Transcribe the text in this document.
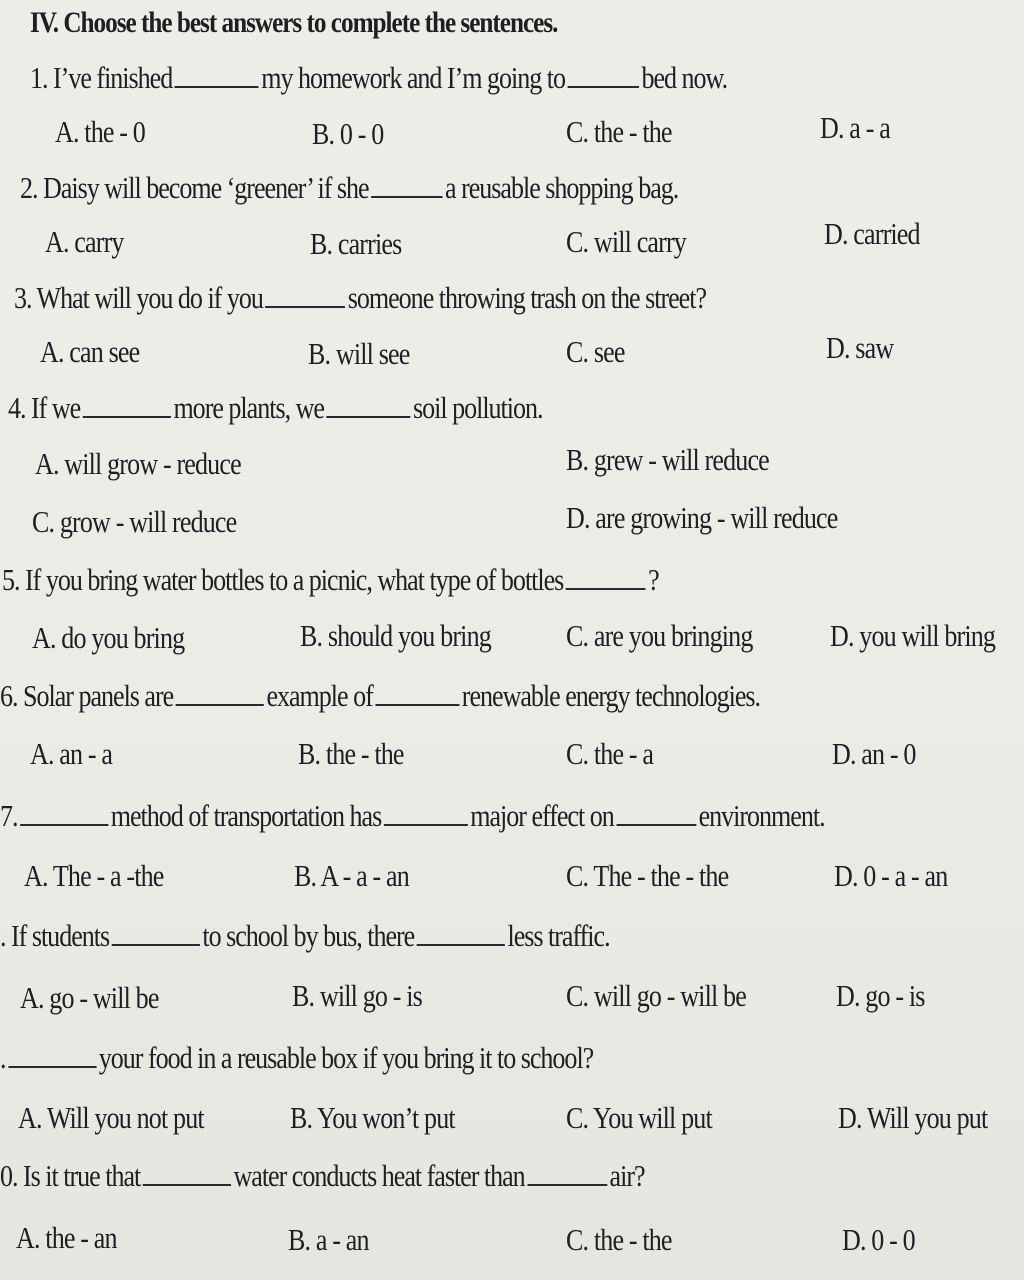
IV. Choose the best answers to complete the sentences.
1. I’ve finished	my homework and I’m going to bed now.
A. the - 0	B. 0 - 0	C. the - the	D. a - a
2. Daisy will become ‘greener’ if she a reusable shopping bag.
A. carry	B. carries	C. will carry	D. carried
3. What will you do if you	someone throwing trash on the street?
A. can see	B. will see	C. see	D. saw
4. If we	more plants, we	soil pollution.
A. will grow - reduce	B. grew - will reduce
C. grow - will reduce	D. are growing - will reduce
5. If you bring water bottles to a picnic, what type of bottles	?
A. do you bring	B. should you bring C. are you bringing D. you will bring
6. Solar panels are	example of	renewable energy technologies.
A. an - a	B. the - the	C. the - a	D. an - 0
7.	method of transportation has	major effect on	environment.
A. The - a -the	B. A - a - an	C. The - the - the	D. 0 - a - an
. If students	to school by bus, there	less traffic.
A. go - will be	B. will go - is	C. will go - will be	D. go - is
.	your food in a reusable box if you bring it to school?
A. Will you not put	B. You won’t put	C. You will put	D. Will you put
0. Is it true that	water conducts heat faster than	air?
A. the - an	B. a - an	C. the - the	D. 0 - 0
